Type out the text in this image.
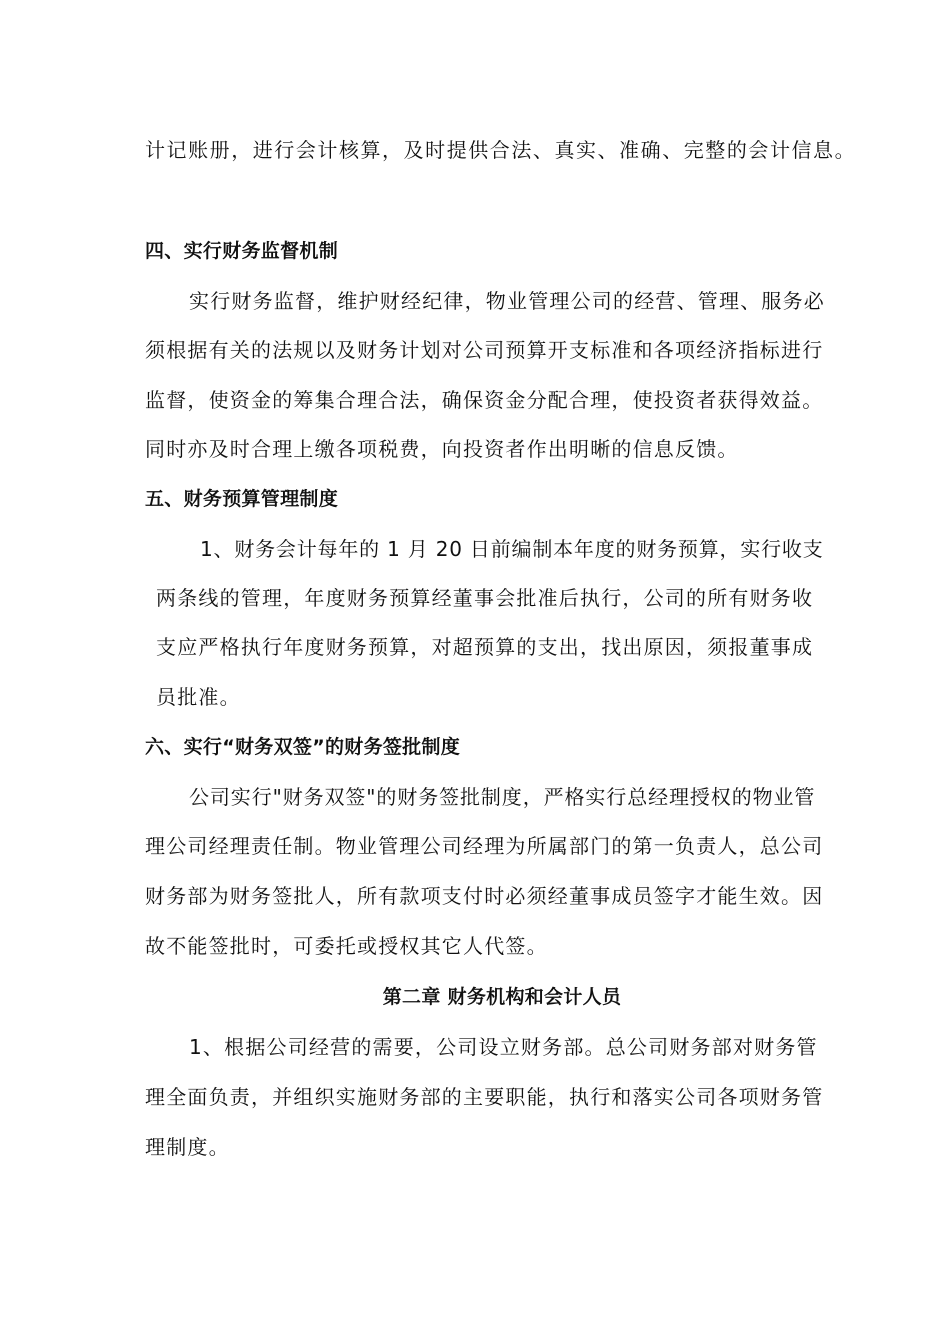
计记账册，进行会计核算，及时提供合法、真实、准确、完整的会计信息。
四、实行财务监督机制
实行财务监督，维护财经纪律，物业管理公司的经营、管理、服务必
须根据有关的法规以及财务计划对公司预算开支标准和各项经济指标进行
监督，使资金的筹集合理合法，确保资金分配合理，使投资者获得效益。
同时亦及时合理上缴各项税费，向投资者作出明晰的信息反馈。
五、财务预算管理制度
1、财务会计每年的 1 月 20 日前编制本年度的财务预算，实行收支
两条线的管理，年度财务预算经董事会批准后执行，公司的所有财务收
支应严格执行年度财务预算，对超预算的支出，找出原因，须报董事成
员批准。
六、实行“财务双签”的财务签批制度
公司实行"财务双签"的财务签批制度，严格实行总经理授权的物业管
理公司经理责任制。物业管理公司经理为所属部门的第一负责人，总公司
财务部为财务签批人，所有款项支付时必须经董事成员签字才能生效。因
故不能签批时，可委托或授权其它人代签。
第二章 财务机构和会计人员
1、根据公司经营的需要，公司设立财务部。总公司财务部对财务管
理全面负责，并组织实施财务部的主要职能，执行和落实公司各项财务管
理制度。
